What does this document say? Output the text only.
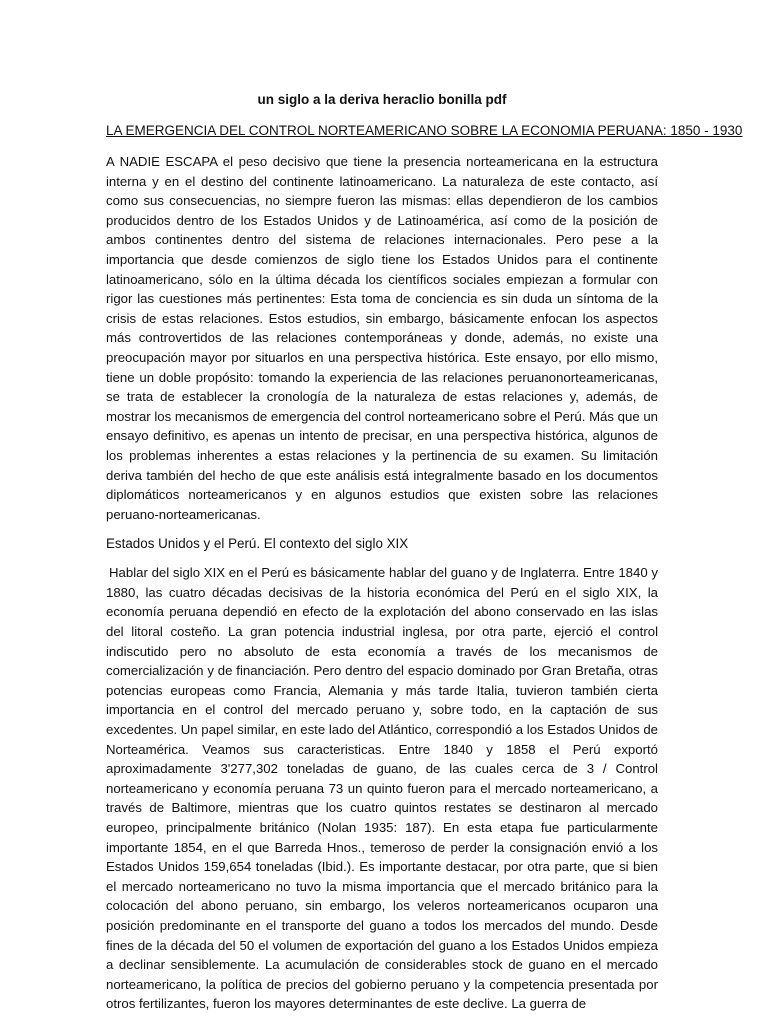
un siglo a la deriva heraclio bonilla pdf
LA EMERGENCIA DEL CONTROL NORTEAMERICANO SOBRE LA ECONOMIA PERUANA: 1850 - 1930

A NADIE ESCAPA el peso decisivo que tiene la presencia norteamericana en la estructura interna y en el destino del continente latinoamericano. La naturaleza de este contacto, así como sus consecuencias, no siempre fueron las mismas: ellas dependieron de los cambios producidos dentro de los Estados Unidos y de Latinoamérica, así como de la posición de ambos continentes dentro del sistema de relaciones internacionales. Pero pese a la importancia que desde comienzos de siglo tiene los Estados Unidos para el continente latinoamericano, sólo en la última década los científicos sociales empiezan a formular con rigor las cuestiones más pertinentes: Esta toma de conciencia es sin duda un síntoma de la crisis de estas relaciones. Estos estudios, sin embargo, básicamente enfocan los aspectos más controvertidos de las relaciones contemporáneas y donde, además, no existe una preocupación mayor por situarlos en una perspectiva histórica. Este ensayo, por ello mismo, tiene un doble propósito: tomando la experiencia de las relaciones peruanonorteamericanas, se trata de establecer la cronología de la naturaleza de estas relaciones y, además, de mostrar los mecanismos de emergencia del control norteamericano sobre el Perú. Más que un ensayo definitivo, es apenas un intento de precisar, en una perspectiva histórica, algunos de los problemas inherentes a estas relaciones y la pertinencia de su examen. Su limitación deriva también del hecho de que este análisis está integralmente basado en los documentos diplomáticos norteamericanos y en algunos estudios que existen sobre las relaciones peruano-norteamericanas.

Estados Unidos y el Perú. El contexto del siglo XIX

Hablar del siglo XIX en el Perú es básicamente hablar del guano y de Inglaterra. Entre 1840 y 1880, las cuatro décadas decisivas de la historia económica del Perú en el siglo XIX, la economía peruana dependió en efecto de la explotación del abono conservado en las islas del litoral costeño. La gran potencia industrial inglesa, por otra parte, ejerció el control indiscutido pero no absoluto de esta economía a través de los mecanismos de comercialización y de financiación. Pero dentro del espacio dominado por Gran Bretaña, otras potencias europeas como Francia, Alemania y más tarde Italia, tuvieron también cierta importancia en el control del mercado peruano y, sobre todo, en la captación de sus excedentes. Un papel similar, en este lado del Atlántico, correspondió a los Estados Unidos de Norteamérica. Veamos sus caracteristicas. Entre 1840 y 1858 el Perú exportó aproximadamente 3'277,302 toneladas de guano, de las cuales cerca de 3 / Control norteamericano y economía peruana 73 un quinto fueron para el mercado norteamericano, a través de Baltimore, mientras que los cuatro quintos restates se destinaron al mercado europeo, principalmente británico (Nolan 1935: 187). En esta etapa fue particularmente importante 1854, en el que Barreda Hnos., temeroso de perder la consignación envió a los Estados Unidos 159,654 toneladas (Ibid.). Es importante destacar, por otra parte, que si bien el mercado norteamericano no tuvo la misma importancia que el mercado británico para la colocación del abono peruano, sin embargo, los veleros norteamericanos ocuparon una posición predominante en el transporte del guano a todos los mercados del mundo. Desde fines de la década del 50 el volumen de exportación del guano a los Estados Unidos empieza a declinar sensiblemente. La acumulación de considerables stock de guano en el mercado norteamericano, la política de precios del gobierno peruano y la competencia presentada por otros fertilizantes, fueron los mayores determinantes de este declive. La guerra de
